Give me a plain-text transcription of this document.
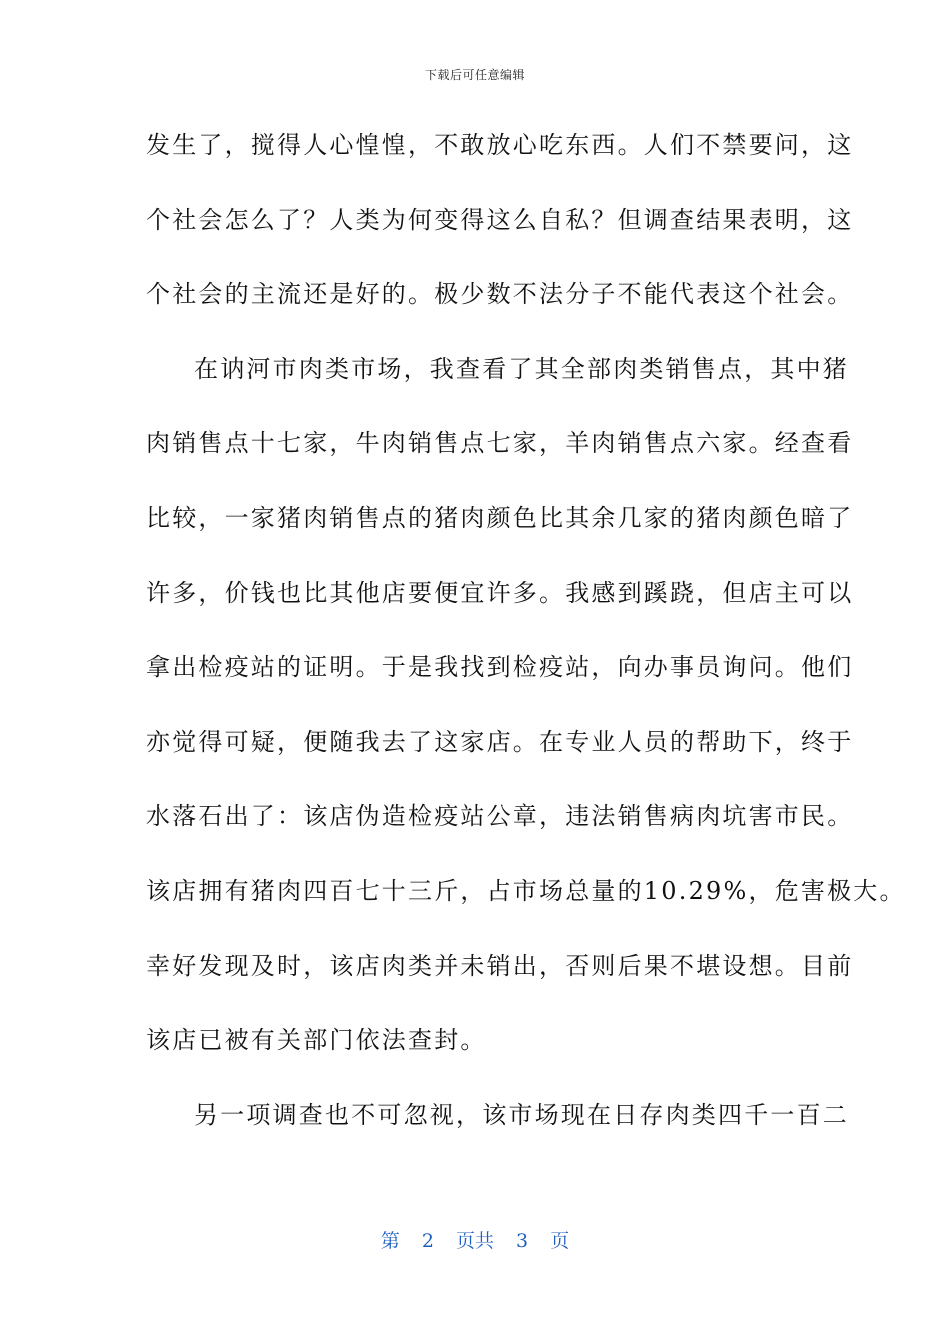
下载后可任意编辑
发生了，搅得人心惶惶，不敢放心吃东西。人们不禁要问，这
个社会怎么了？人类为何变得这么自私？但调查结果表明，这
个社会的主流还是好的。极少数不法分子不能代表这个社会。
在讷河市肉类市场，我查看了其全部肉类销售点，其中猪
肉销售点十七家，牛肉销售点七家，羊肉销售点六家。经查看
比较，一家猪肉销售点的猪肉颜色比其余几家的猪肉颜色暗了
许多，价钱也比其他店要便宜许多。我感到蹊跷，但店主可以
拿出检疫站的证明。于是我找到检疫站，向办事员询问。他们
亦觉得可疑，便随我去了这家店。在专业人员的帮助下，终于
水落石出了：该店伪造检疫站公章，违法销售病肉坑害市民。
该店拥有猪肉四百七十三斤，占市场总量的10.29%，危害极大。
幸好发现及时，该店肉类并未销出，否则后果不堪设想。目前
该店已被有关部门依法查封。
另一项调查也不可忽视，该市场现在日存肉类四千一百二
第 2 页共 3 页
